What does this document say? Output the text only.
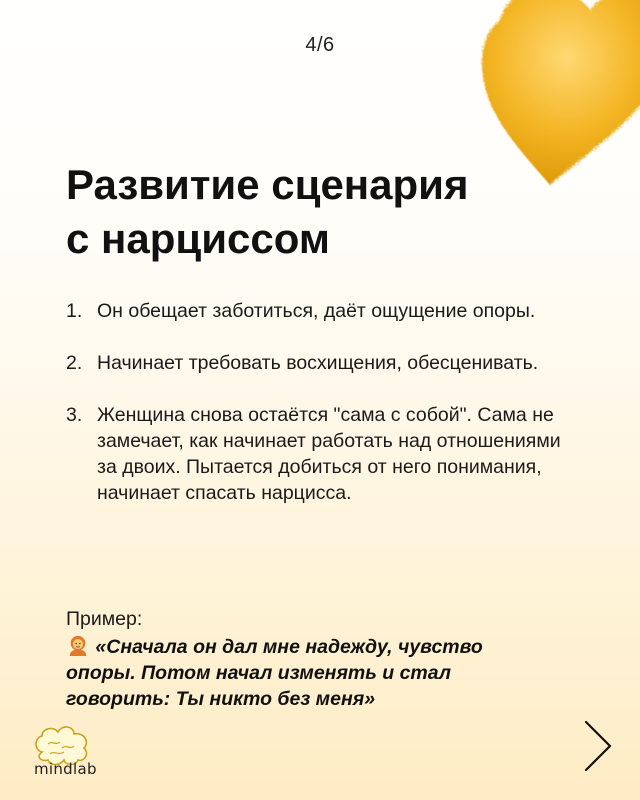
4/6
Развитие сценария
с нарциссом
1. Он обещает заботиться, даёт ощущение опоры.
2. Начинает требовать восхищения, обесценивать.
3. Женщина снова остаётся "сама с собой". Сама не замечает, как начинает работать над отношениями за двоих. Пытается добиться от него понимания, начинает спасать нарцисса.
Пример:
«Сначала он дал мне надежду, чувство опоры. Потом начал изменять и стал говорить: Ты никто без меня»
mindlab
